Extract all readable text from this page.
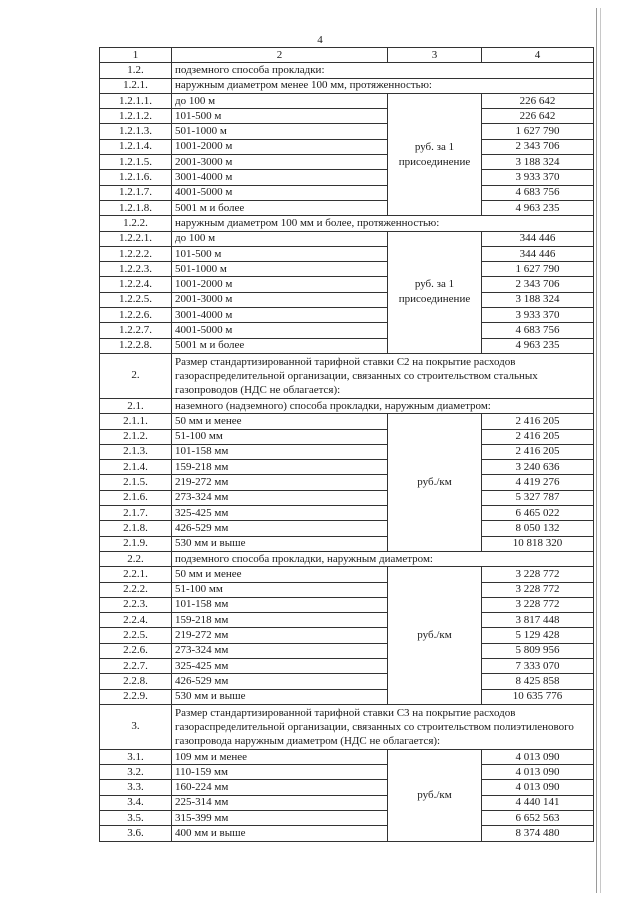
4
1	2	3	4
1.2.	подземного способа прокладки:		
1.2.1.	наружным диаметром менее 100 мм, протяженностью:		
1.2.1.1.	до 100 м	руб. за 1 присоединение	226 642
1.2.1.2.	101-500 м		226 642
1.2.1.3.	501-1000 м		1 627 790
1.2.1.4.	1001-2000 м		2 343 706
1.2.1.5.	2001-3000 м		3 188 324
1.2.1.6.	3001-4000 м		3 933 370
1.2.1.7.	4001-5000 м		4 683 756
1.2.1.8.	5001 м и более		4 963 235
1.2.2.	наружным диаметром 100 мм и более, протяженностью:		
1.2.2.1.	до 100 м	руб. за 1 присоединение	344 446
1.2.2.2.	101-500 м		344 446
1.2.2.3.	501-1000 м		1 627 790
1.2.2.4.	1001-2000 м		2 343 706
1.2.2.5.	2001-3000 м		3 188 324
1.2.2.6.	3001-4000 м		3 933 370
1.2.2.7.	4001-5000 м		4 683 756
1.2.2.8.	5001 м и более		4 963 235
2.	Размер стандартизированной тарифной ставки С2 на покрытие расходов газораспределительной организации, связанных со строительством стальных газопроводов (НДС не облагается):		
2.1.	наземного (надземного) способа прокладки, наружным диаметром:		
2.1.1.	50 мм и менее	руб./км	2 416 205
2.1.2.	51-100 мм		2 416 205
2.1.3.	101-158 мм		2 416 205
2.1.4.	159-218 мм		3 240 636
2.1.5.	219-272 мм		4 419 276
2.1.6.	273-324 мм		5 327 787
2.1.7.	325-425 мм		6 465 022
2.1.8.	426-529 мм		8 050 132
2.1.9.	530 мм и выше		10 818 320
2.2.	подземного способа прокладки, наружным диаметром:		
2.2.1.	50 мм и менее	руб./км	3 228 772
2.2.2.	51-100 мм		3 228 772
2.2.3.	101-158 мм		3 228 772
2.2.4.	159-218 мм		3 817 448
2.2.5.	219-272 мм		5 129 428
2.2.6.	273-324 мм		5 809 956
2.2.7.	325-425 мм		7 333 070
2.2.8.	426-529 мм		8 425 858
2.2.9.	530 мм и выше		10 635 776
3.	Размер стандартизированной тарифной ставки С3 на покрытие расходов газораспределительной организации, связанных со строительством полиэтиленового газопровода наружным диаметром (НДС не облагается):		
3.1.	109 мм и менее	руб./км	4 013 090
3.2.	110-159 мм		4 013 090
3.3.	160-224 мм		4 013 090
3.4.	225-314 мм		4 440 141
3.5.	315-399 мм		6 652 563
3.6.	400 мм и выше		8 374 480
